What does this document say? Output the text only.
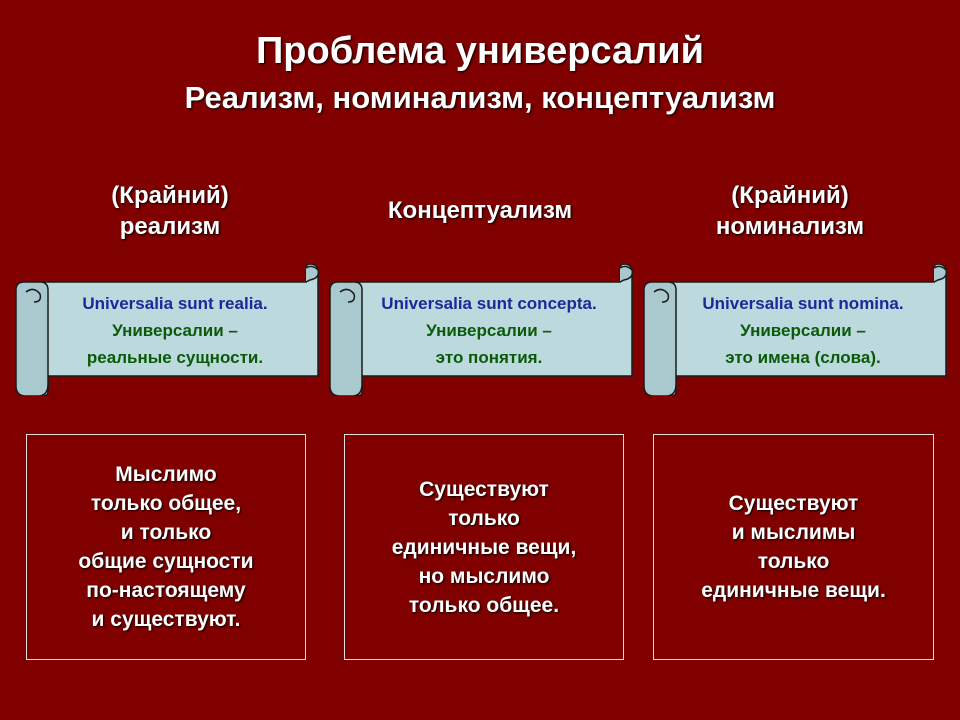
Проблема универсалий
Реализм, номинализм, концептуализм
(Крайний)
реализм
Концептуализм
(Крайний)
номинализм
Universalia sunt realia.
Универсалии –
реальные сущности.
Universalia sunt concepta.
Универсалии –
это понятия.
Universalia sunt nomina.
Универсалии –
это имена (слова).
Мыслимо
только общее,
и только
общие сущности
по-настоящему
и существуют.
Существуют
только
единичные вещи,
но мыслимо
только общее.
Существуют
и мыслимы
только
единичные вещи.
